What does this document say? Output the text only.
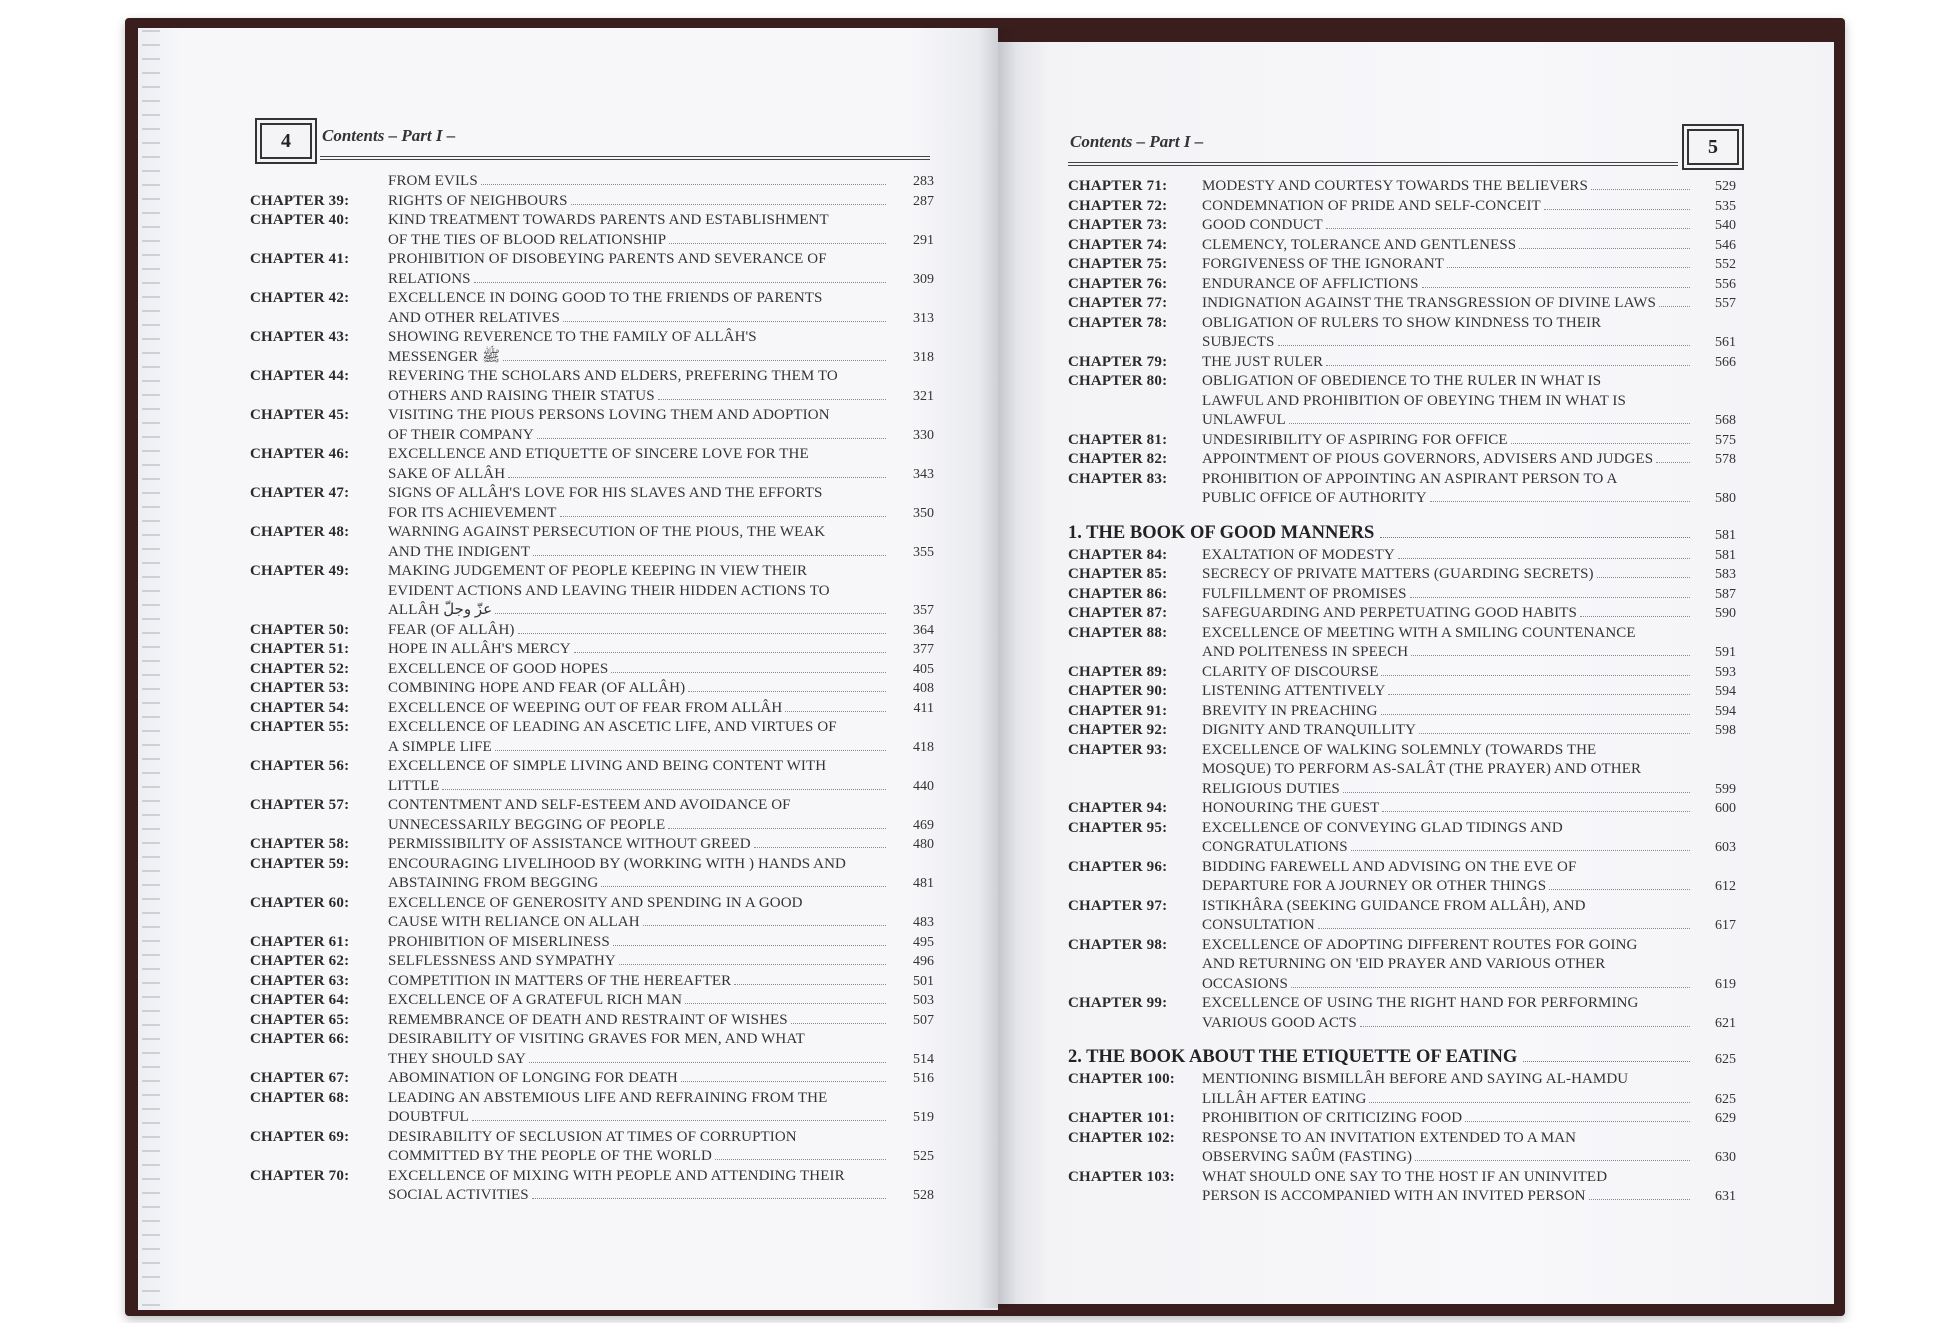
4	Contents – Part I –	Contents – Part I –	5
FROM EVILS	283
CHAPTER 39:	RIGHTS OF NEIGHBOURS	287
CHAPTER 40:	KIND TREATMENT TOWARDS PARENTS AND ESTABLISHMENT
OF THE TIES OF BLOOD RELATIONSHIP	291
CHAPTER 41:	PROHIBITION OF DISOBEYING PARENTS AND SEVERANCE OF
RELATIONS	309
CHAPTER 42:	EXCELLENCE IN DOING GOOD TO THE FRIENDS OF PARENTS
AND OTHER RELATIVES	313
CHAPTER 43:	SHOWING REVERENCE TO THE FAMILY OF ALLÂH'S
MESSENGER ﷺ	318
CHAPTER 44:	REVERING THE SCHOLARS AND ELDERS, PREFERING THEM TO
OTHERS AND RAISING THEIR STATUS	321
CHAPTER 45:	VISITING THE PIOUS PERSONS LOVING THEM AND ADOPTION
OF THEIR COMPANY	330
CHAPTER 46:	EXCELLENCE AND ETIQUETTE OF SINCERE LOVE FOR THE
SAKE OF ALLÂH	343
CHAPTER 47:	SIGNS OF ALLÂH'S LOVE FOR HIS SLAVES AND THE EFFORTS
FOR ITS ACHIEVEMENT	350
CHAPTER 48:	WARNING AGAINST PERSECUTION OF THE PIOUS, THE WEAK
AND THE INDIGENT	355
CHAPTER 49:	MAKING JUDGEMENT OF PEOPLE KEEPING IN VIEW THEIR
EVIDENT ACTIONS AND LEAVING THEIR HIDDEN ACTIONS TO
ALLÂH عزّ وجلّ	357
CHAPTER 50:	FEAR (OF ALLÂH)	364
CHAPTER 51:	HOPE IN ALLÂH'S MERCY	377
CHAPTER 52:	EXCELLENCE OF GOOD HOPES	405
CHAPTER 53:	COMBINING HOPE AND FEAR (OF ALLÂH)	408
CHAPTER 54:	EXCELLENCE OF WEEPING OUT OF FEAR FROM ALLÂH	411
CHAPTER 55:	EXCELLENCE OF LEADING AN ASCETIC LIFE, AND VIRTUES OF
A SIMPLE LIFE	418
CHAPTER 56:	EXCELLENCE OF SIMPLE LIVING AND BEING CONTENT WITH
LITTLE	440
CHAPTER 57:	CONTENTMENT AND SELF-ESTEEM AND AVOIDANCE OF
UNNECESSARILY BEGGING OF PEOPLE	469
CHAPTER 58:	PERMISSIBILITY OF ASSISTANCE WITHOUT GREED	480
CHAPTER 59:	ENCOURAGING LIVELIHOOD BY (WORKING WITH ) HANDS AND
ABSTAINING FROM BEGGING	481
CHAPTER 60:	EXCELLENCE OF GENEROSITY AND SPENDING IN A GOOD
CAUSE WITH RELIANCE ON ALLAH	483
CHAPTER 61:	PROHIBITION OF MISERLINESS	495
CHAPTER 62:	SELFLESSNESS AND SYMPATHY	496
CHAPTER 63:	COMPETITION IN MATTERS OF THE HEREAFTER	501
CHAPTER 64:	EXCELLENCE OF A GRATEFUL RICH MAN	503
CHAPTER 65:	REMEMBRANCE OF DEATH AND RESTRAINT OF WISHES	507
CHAPTER 66:	DESIRABILITY OF VISITING GRAVES FOR MEN, AND WHAT
THEY SHOULD SAY	514
CHAPTER 67:	ABOMINATION OF LONGING FOR DEATH	516
CHAPTER 68:	LEADING AN ABSTEMIOUS LIFE AND REFRAINING FROM THE
DOUBTFUL	519
CHAPTER 69:	DESIRABILITY OF SECLUSION AT TIMES OF CORRUPTION
COMMITTED BY THE PEOPLE OF THE WORLD	525
CHAPTER 70:	EXCELLENCE OF MIXING WITH PEOPLE AND ATTENDING THEIR
SOCIAL ACTIVITIES	528
CHAPTER 71: MODESTY AND COURTESY TOWARDS THE BELIEVERS	529
CHAPTER 72: CONDEMNATION OF PRIDE AND SELF-CONCEIT	535
CHAPTER 73: GOOD CONDUCT	540
CHAPTER 74: CLEMENCY, TOLERANCE AND GENTLENESS	546
CHAPTER 75: FORGIVENESS OF THE IGNORANT	552
CHAPTER 76: ENDURANCE OF AFFLICTIONS	556
CHAPTER 77: INDIGNATION AGAINST THE TRANSGRESSION OF DIVINE LAWS	557
CHAPTER 78: OBLIGATION OF RULERS TO SHOW KINDNESS TO THEIR
SUBJECTS	561
CHAPTER 79: THE JUST RULER	566
CHAPTER 80: OBLIGATION OF OBEDIENCE TO THE RULER IN WHAT IS
LAWFUL AND PROHIBITION OF OBEYING THEM IN WHAT IS
UNLAWFUL	568
CHAPTER 81: UNDESIRIBILITY OF ASPIRING FOR OFFICE	575
CHAPTER 82: APPOINTMENT OF PIOUS GOVERNORS, ADVISERS AND JUDGES	578
CHAPTER 83: PROHIBITION OF APPOINTING AN ASPIRANT PERSON TO A
PUBLIC OFFICE OF AUTHORITY	580
1. THE BOOK OF GOOD MANNERS	581
CHAPTER 84: EXALTATION OF MODESTY	581
CHAPTER 85: SECRECY OF PRIVATE MATTERS (GUARDING SECRETS)	583
CHAPTER 86: FULFILLMENT OF PROMISES	587
CHAPTER 87: SAFEGUARDING AND PERPETUATING GOOD HABITS	590
CHAPTER 88: EXCELLENCE OF MEETING WITH A SMILING COUNTENANCE
AND POLITENESS IN SPEECH	591
CHAPTER 89: CLARITY OF DISCOURSE	593
CHAPTER 90: LISTENING ATTENTIVELY	594
CHAPTER 91: BREVITY IN PREACHING	594
CHAPTER 92: DIGNITY AND TRANQUILLITY	598
CHAPTER 93: EXCELLENCE OF WALKING SOLEMNLY (TOWARDS THE
MOSQUE) TO PERFORM AS-SALÂT (THE PRAYER) AND OTHER
RELIGIOUS DUTIES	599
CHAPTER 94: HONOURING THE GUEST	600
CHAPTER 95: EXCELLENCE OF CONVEYING GLAD TIDINGS AND
CONGRATULATIONS	603
CHAPTER 96: BIDDING FAREWELL AND ADVISING ON THE EVE OF
DEPARTURE FOR A JOURNEY OR OTHER THINGS	612
CHAPTER 97: ISTIKHÂRA (SEEKING GUIDANCE FROM ALLÂH), AND
CONSULTATION	617
CHAPTER 98: EXCELLENCE OF ADOPTING DIFFERENT ROUTES FOR GOING
AND RETURNING ON 'EID PRAYER AND VARIOUS OTHER
OCCASIONS	619
CHAPTER 99: EXCELLENCE OF USING THE RIGHT HAND FOR PERFORMING
VARIOUS GOOD ACTS	621
2. THE BOOK ABOUT THE ETIQUETTE OF EATING	625
CHAPTER 100: MENTIONING BISMILLÂH BEFORE AND SAYING AL-HAMDU
LILLÂH AFTER EATING	625
CHAPTER 101: PROHIBITION OF CRITICIZING FOOD	629
CHAPTER 102: RESPONSE TO AN INVITATION EXTENDED TO A MAN
OBSERVING SAÛM (FASTING)	630
CHAPTER 103: WHAT SHOULD ONE SAY TO THE HOST IF AN UNINVITED
PERSON IS ACCOMPANIED WITH AN INVITED PERSON	631
